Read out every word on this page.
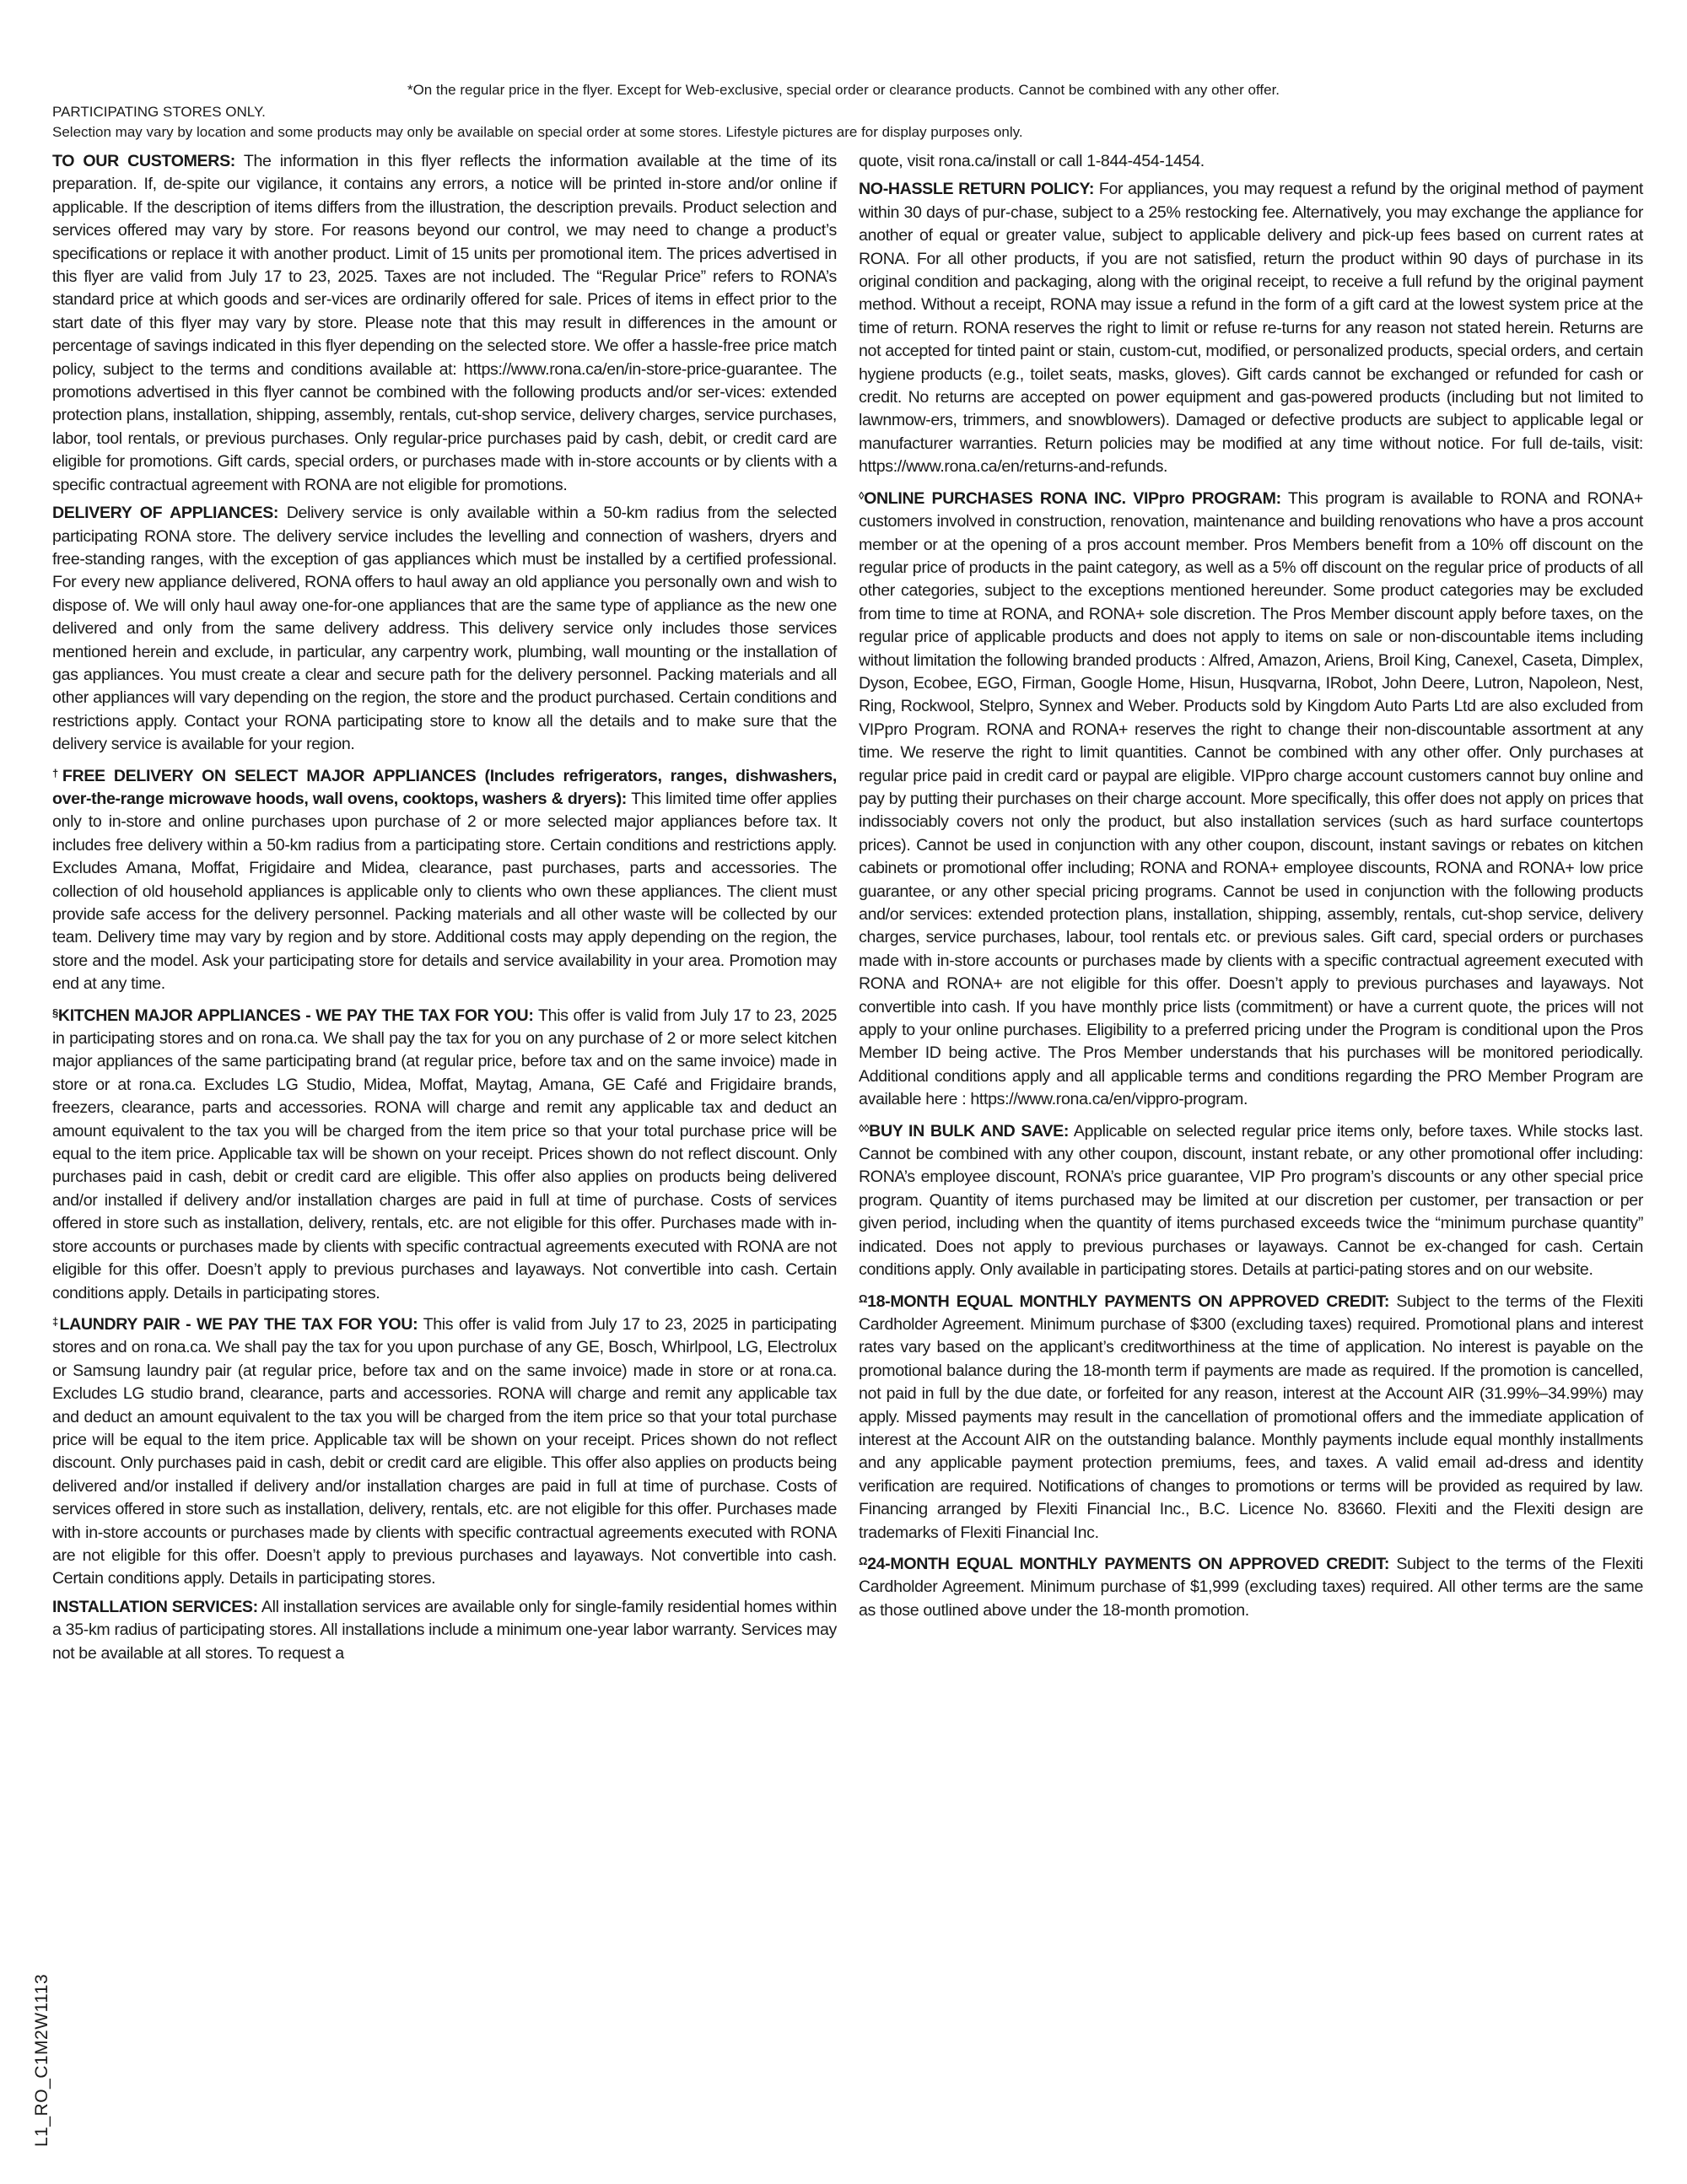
*On the regular price in the flyer. Except for Web-exclusive, special order or clearance products. Cannot be combined with any other offer.
PARTICIPATING STORES ONLY.
Selection may vary by location and some products may only be available on special order at some stores. Lifestyle pictures are for display purposes only.

TO OUR CUSTOMERS: The information in this flyer reflects the information available at the time of its preparation. If, de-spite our vigilance, it contains any errors, a notice will be printed in-store and/or online if applicable. If the description of items differs from the illustration, the description prevails. Product selection and services offered may vary by store. For reasons beyond our control, we may need to change a product’s specifications or replace it with another product. Limit of 15 units per promotional item. The prices advertised in this flyer are valid from July 17 to 23, 2025. Taxes are not included. The “Regular Price” refers to RONA’s standard price at which goods and ser-vices are ordinarily offered for sale. Prices of items in effect prior to the start date of this flyer may vary by store. Please note that this may result in differences in the amount or percentage of savings indicated in this flyer depending on the selected store. We offer a hassle-free price match policy, subject to the terms and conditions available at: https://www.rona.ca/en/in-store-price-guarantee. The promotions advertised in this flyer cannot be combined with the following products and/or ser-vices: extended protection plans, installation, shipping, assembly, rentals, cut-shop service, delivery charges, service purchases, labor, tool rentals, or previous purchases. Only regular-price purchases paid by cash, debit, or credit card are eligible for promotions. Gift cards, special orders, or purchases made with in-store accounts or by clients with a specific contractual agreement with RONA are not eligible for promotions.

DELIVERY OF APPLIANCES: Delivery service is only available within a 50-km radius from the selected participating RONA store. The delivery service includes the levelling and connection of washers, dryers and free-standing ranges, with the exception of gas appliances which must be installed by a certified professional. For every new appliance delivered, RONA offers to haul away an old appliance you personally own and wish to dispose of. We will only haul away one-for-one appliances that are the same type of appliance as the new one delivered and only from the same delivery address. This delivery service only includes those services mentioned herein and exclude, in particular, any carpentry work, plumbing, wall mounting or the installation of gas appliances. You must create a clear and secure path for the delivery personnel. Packing materials and all other appliances will vary depending on the region, the store and the product purchased. Certain conditions and restrictions apply. Contact your RONA participating store to know all the details and to make sure that the delivery service is available for your region.

†FREE DELIVERY ON SELECT MAJOR APPLIANCES (Includes refrigerators, ranges, dishwashers, over-the-range microwave hoods, wall ovens, cooktops, washers & dryers): This limited time offer applies only to in-store and online purchases upon purchase of 2 or more selected major appliances before tax. It includes free delivery within a 50-km radius from a participating store. Certain conditions and restrictions apply. Excludes Amana, Moffat, Frigidaire and Midea, clearance, past purchases, parts and accessories. The collection of old household appliances is applicable only to clients who own these appliances. The client must provide safe access for the delivery personnel. Packing materials and all other waste will be collected by our team. Delivery time may vary by region and by store. Additional costs may apply depending on the region, the store and the model. Ask your participating store for details and service availability in your area. Promotion may end at any time.

§KITCHEN MAJOR APPLIANCES - WE PAY THE TAX FOR YOU: This offer is valid from July 17 to 23, 2025 in participating stores and on rona.ca. We shall pay the tax for you on any purchase of 2 or more select kitchen major appliances of the same participating brand (at regular price, before tax and on the same invoice) made in store or at rona.ca. Excludes LG Studio, Midea, Moffat, Maytag, Amana, GE Café and Frigidaire brands, freezers, clearance, parts and accessories. RONA will charge and remit any applicable tax and deduct an amount equivalent to the tax you will be charged from the item price so that your total purchase price will be equal to the item price. Applicable tax will be shown on your receipt. Prices shown do not reflect discount. Only purchases paid in cash, debit or credit card are eligible. This offer also applies on products being delivered and/or installed if delivery and/or installation charges are paid in full at time of purchase. Costs of services offered in store such as installation, delivery, rentals, etc. are not eligible for this offer. Purchases made with in-store accounts or purchases made by clients with specific contractual agreements executed with RONA are not eligible for this offer. Doesn’t apply to previous purchases and layaways. Not convertible into cash. Certain conditions apply. Details in participating stores.

‡LAUNDRY PAIR - WE PAY THE TAX FOR YOU: This offer is valid from July 17 to 23, 2025 in participating stores and on rona.ca. We shall pay the tax for you upon purchase of any GE, Bosch, Whirlpool, LG, Electrolux or Samsung laundry pair (at regular price, before tax and on the same invoice) made in store or at rona.ca. Excludes LG studio brand, clearance, parts and accessories. RONA will charge and remit any applicable tax and deduct an amount equivalent to the tax you will be charged from the item price so that your total purchase price will be equal to the item price. Applicable tax will be shown on your receipt. Prices shown do not reflect discount. Only purchases paid in cash, debit or credit card are eligible. This offer also applies on products being delivered and/or installed if delivery and/or installation charges are paid in full at time of purchase. Costs of services offered in store such as installation, delivery, rentals, etc. are not eligible for this offer. Purchases made with in-store accounts or purchases made by clients with specific contractual agreements executed with RONA are not eligible for this offer. Doesn’t apply to previous purchases and layaways. Not convertible into cash. Certain conditions apply. Details in participating stores.

INSTALLATION SERVICES: All installation services are available only for single-family residential homes within a 35-km radius of participating stores. All installations include a minimum one-year labor warranty. Services may not be available at all stores. To request a

quote, visit rona.ca/install or call 1-844-454-1454.

NO-HASSLE RETURN POLICY: For appliances, you may request a refund by the original method of payment within 30 days of pur-chase, subject to a 25% restocking fee. Alternatively, you may exchange the appliance for another of equal or greater value, subject to applicable delivery and pick-up fees based on current rates at RONA. For all other products, if you are not satisfied, return the product within 90 days of purchase in its original condition and packaging, along with the original receipt, to receive a full refund by the original payment method. Without a receipt, RONA may issue a refund in the form of a gift card at the lowest system price at the time of return. RONA reserves the right to limit or refuse re-turns for any reason not stated herein. Returns are not accepted for tinted paint or stain, custom-cut, modified, or personalized products, special orders, and certain hygiene products (e.g., toilet seats, masks, gloves). Gift cards cannot be exchanged or refunded for cash or credit. No returns are accepted on power equipment and gas-powered products (including but not limited to lawnmow-ers, trimmers, and snowblowers). Damaged or defective products are subject to applicable legal or manufacturer warranties. Return policies may be modified at any time without notice. For full de-tails, visit: https://www.rona.ca/en/returns-and-refunds.

◊ONLINE PURCHASES RONA INC. VIPpro PROGRAM: This program is available to RONA and RONA+ customers involved in construction, renovation, maintenance and building renovations who have a pros account member or at the opening of a pros account member. Pros Members benefit from a 10% off discount on the regular price of products in the paint category, as well as a 5% off discount on the regular price of products of all other categories, subject to the exceptions mentioned hereunder. Some product categories may be excluded from time to time at RONA, and RONA+ sole discretion. The Pros Member discount apply before taxes, on the regular price of applicable products and does not apply to items on sale or non-discountable items including without limitation the following branded products : Alfred, Amazon, Ariens, Broil King, Canexel, Caseta, Dimplex, Dyson, Ecobee, EGO, Firman, Google Home, Hisun, Husqvarna, IRobot, John Deere, Lutron, Napoleon, Nest, Ring, Rockwool, Stelpro, Synnex and Weber. Products sold by Kingdom Auto Parts Ltd are also excluded from VIPpro Program. RONA and RONA+ reserves the right to change their non-discountable assortment at any time. We reserve the right to limit quantities. Cannot be combined with any other offer. Only purchases at regular price paid in credit card or paypal are eligible. VIPpro charge account customers cannot buy online and pay by putting their purchases on their charge account. More specifically, this offer does not apply on prices that indissociably covers not only the product, but also installation services (such as hard surface countertops prices). Cannot be used in conjunction with any other coupon, discount, instant savings or rebates on kitchen cabinets or promotional offer including; RONA and RONA+ employee discounts, RONA and RONA+ low price guarantee, or any other special pricing programs. Cannot be used in conjunction with the following products and/or services: extended protection plans, installation, shipping, assembly, rentals, cut-shop service, delivery charges, service purchases, labour, tool rentals etc. or previous sales. Gift card, special orders or purchases made with in-store accounts or purchases made by clients with a specific contractual agreement executed with RONA and RONA+ are not eligible for this offer. Doesn’t apply to previous purchases and layaways. Not convertible into cash. If you have monthly price lists (commitment) or have a current quote, the prices will not apply to your online purchases. Eligibility to a preferred pricing under the Program is conditional upon the Pros Member ID being active. The Pros Member understands that his purchases will be monitored periodically. Additional conditions apply and all applicable terms and conditions regarding the PRO Member Program are available here : https://www.rona.ca/en/vippro-program.

◊◊BUY IN BULK AND SAVE: Applicable on selected regular price items only, before taxes. While stocks last. Cannot be combined with any other coupon, discount, instant rebate, or any other promotional offer including: RONA’s employee discount, RONA’s price guarantee, VIP Pro program’s discounts or any other special price program. Quantity of items purchased may be limited at our discretion per customer, per transaction or per given period, including when the quantity of items purchased exceeds twice the “minimum purchase quantity” indicated. Does not apply to previous purchases or layaways. Cannot be ex-changed for cash. Certain conditions apply. Only available in participating stores. Details at partici-pating stores and on our website.

$^\Omega$18-MONTH EQUAL MONTHLY PAYMENTS ON APPROVED CREDIT: Subject to the terms of the Flexiti Cardholder Agreement. Minimum purchase of $300 (excluding taxes) required. Promotional plans and interest rates vary based on the applicant’s creditworthiness at the time of application. No interest is payable on the promotional balance during the 18-month term if payments are made as required. If the promotion is cancelled, not paid in full by the due date, or forfeited for any reason, interest at the Account AIR (31.99%–34.99%) may apply. Missed payments may result in the cancellation of promotional offers and the immediate application of interest at the Account AIR on the outstanding balance. Monthly payments include equal monthly installments and any applicable payment protection premiums, fees, and taxes. A valid email ad-dress and identity verification are required. Notifications of changes to promotions or terms will be provided as required by law. Financing arranged by Flexiti Financial Inc., B.C. Licence No. 83660. Flexiti and the Flexiti design are trademarks of Flexiti Financial Inc.

$^\Omega$24-MONTH EQUAL MONTHLY PAYMENTS ON APPROVED CREDIT: Subject to the terms of the Flexiti Cardholder Agreement. Minimum purchase of $1,999 (excluding taxes) required. All other terms are the same as those outlined above under the 18-month promotion.

L1_RO_C1M2W1113
